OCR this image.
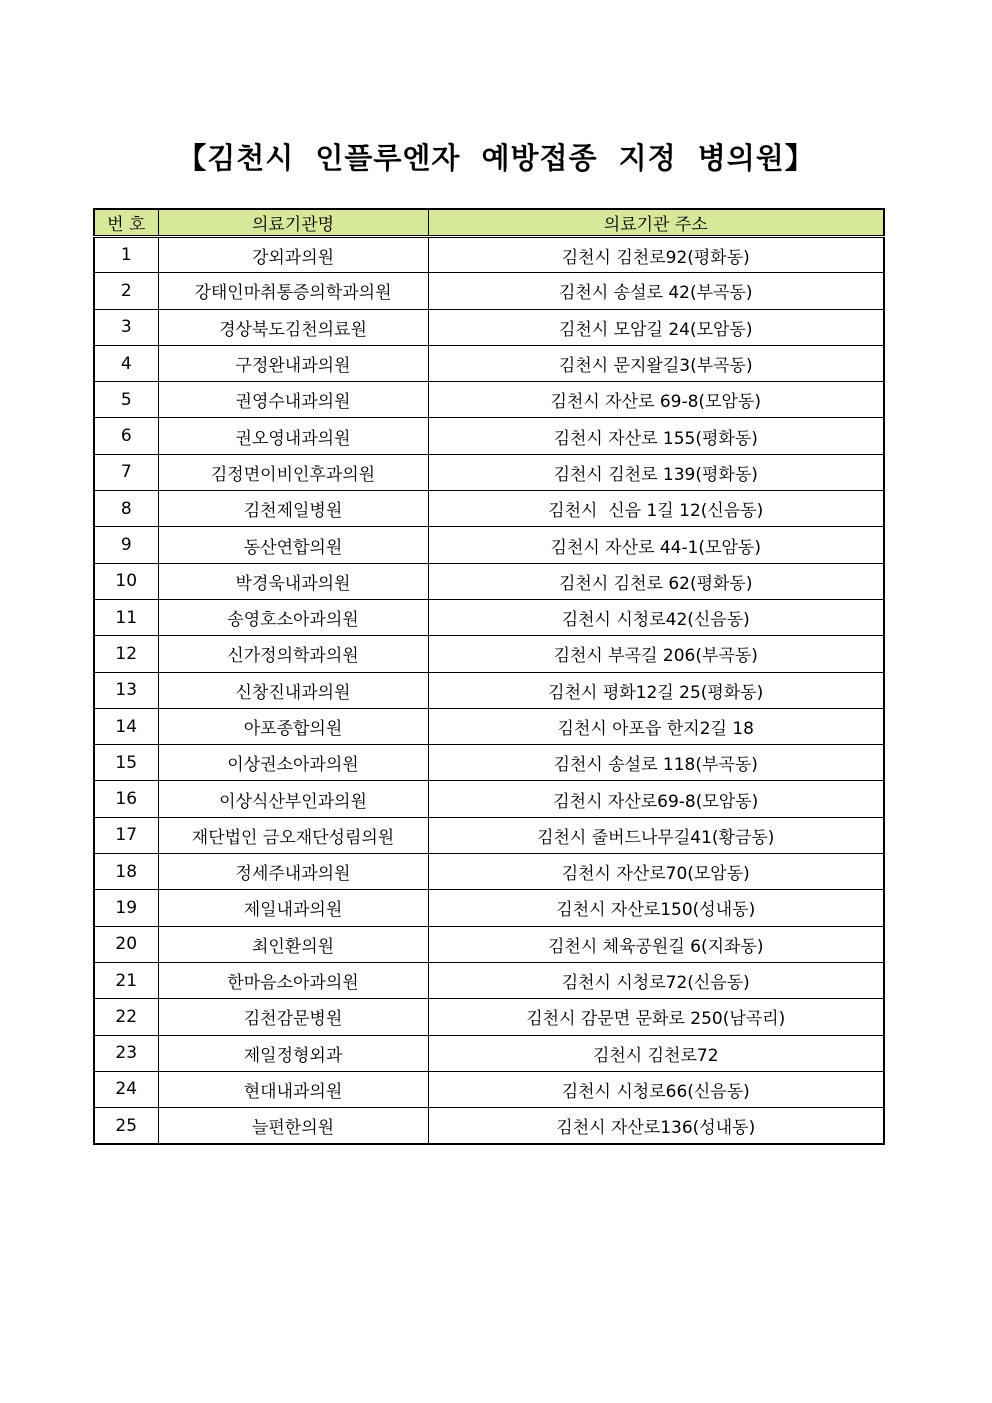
【김천시 인플루엔자 예방접종 지정 병의원】
번 호	의료기관명	의료기관 주소
1	강외과의원	김천시 김천로92(평화동)
2	강태인마취통증의학과의원	김천시 송설로 42(부곡동)
3	경상북도김천의료원	김천시 모암길 24(모암동)
4	구정완내과의원	김천시 문지왈길3(부곡동)
5	권영수내과의원	김천시 자산로 69-8(모암동)
6	권오영내과의원	김천시 자산로 155(평화동)
7	김정면이비인후과의원	김천시 김천로 139(평화동)
8	김천제일병원	김천시  신음 1길 12(신음동)
9	동산연합의원	김천시 자산로 44-1(모암동)
10	박경욱내과의원	김천시 김천로 62(평화동)
11	송영호소아과의원	김천시 시청로42(신음동)
12	신가정의학과의원	김천시 부곡길 206(부곡동)
13	신창진내과의원	김천시 평화12길 25(평화동)
14	아포종합의원	김천시 아포읍 한지2길 18
15	이상권소아과의원	김천시 송설로 118(부곡동)
16	이상식산부인과의원	김천시 자산로69-8(모암동)
17	재단법인 금오재단성림의원	김천시 줄버드나무길41(황금동)
18	정세주내과의원	김천시 자산로70(모암동)
19	제일내과의원	김천시 자산로150(성내동)
20	최인환의원	김천시 체육공원길 6(지좌동)
21	한마음소아과의원	김천시 시청로72(신음동)
22	김천감문병원	김천시 감문면 문화로 250(남곡리)
23	제일정형외과	김천시 김천로72
24	현대내과의원	김천시 시청로66(신음동)
25	늘편한의원	김천시 자산로136(성내동)
